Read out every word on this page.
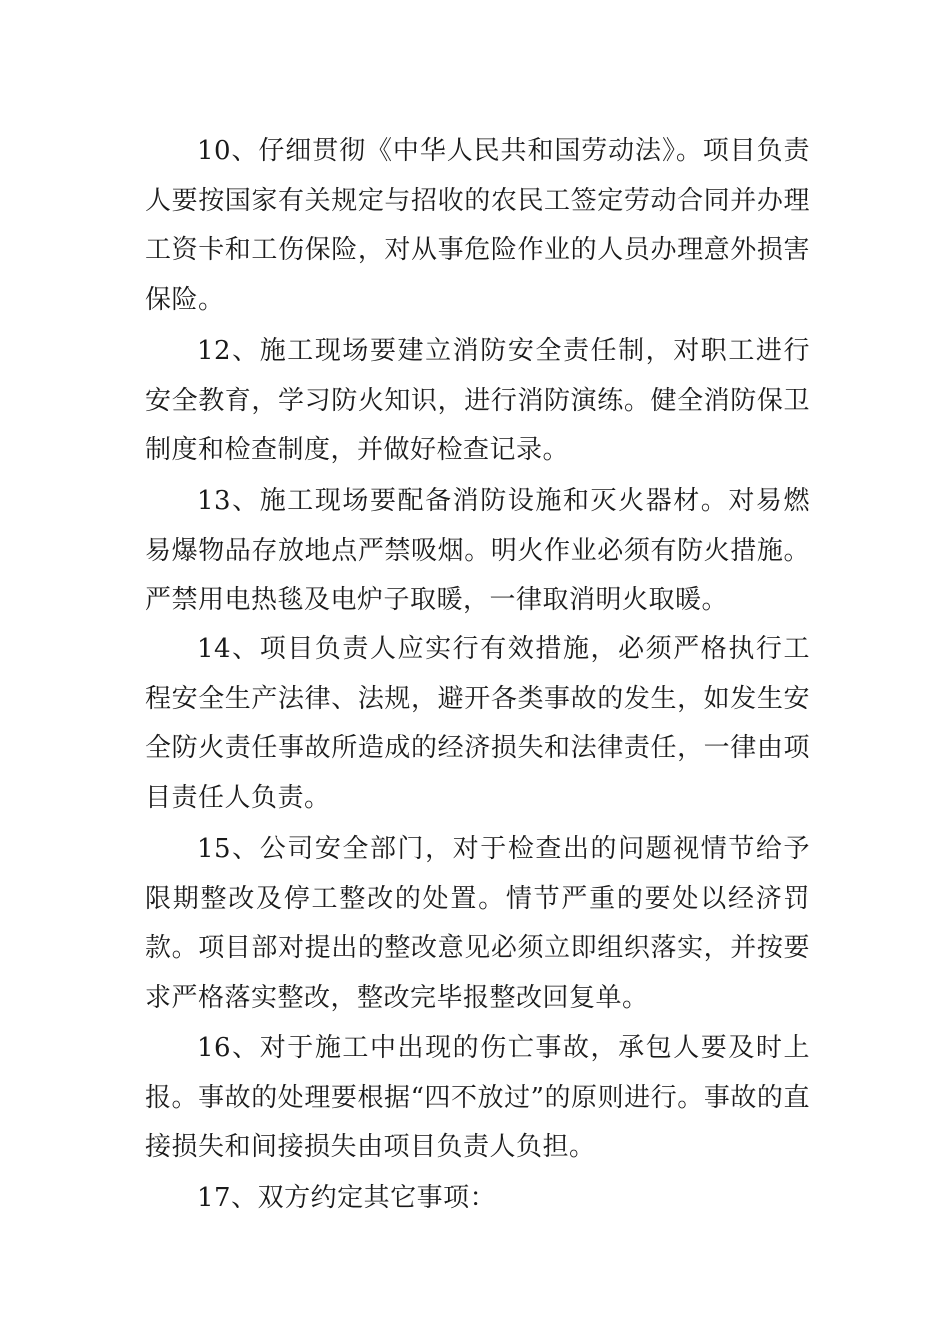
10、仔细贯彻《中华人民共和国劳动法》。项目负责人要按国家有关规定与招收的农民工签定劳动合同并办理工资卡和工伤保险，对从事危险作业的人员办理意外损害保险。

12、施工现场要建立消防安全责任制，对职工进行安全教育，学习防火知识，进行消防演练。健全消防保卫制度和检查制度，并做好检查记录。

13、施工现场要配备消防设施和灭火器材。对易燃易爆物品存放地点严禁吸烟。明火作业必须有防火措施。严禁用电热毯及电炉子取暖，一律取消明火取暖。

14、项目负责人应实行有效措施，必须严格执行工程安全生产法律、法规，避开各类事故的发生，如发生安全防火责任事故所造成的经济损失和法律责任，一律由项目责任人负责。

15、公司安全部门，对于检查出的问题视情节给予限期整改及停工整改的处置。情节严重的要处以经济罚款。项目部对提出的整改意见必须立即组织落实，并按要求严格落实整改，整改完毕报整改回复单。

16、对于施工中出现的伤亡事故，承包人要及时上报。事故的处理要根据“四不放过”的原则进行。事故的直接损失和间接损失由项目负责人负担。

17、双方约定其它事项：
